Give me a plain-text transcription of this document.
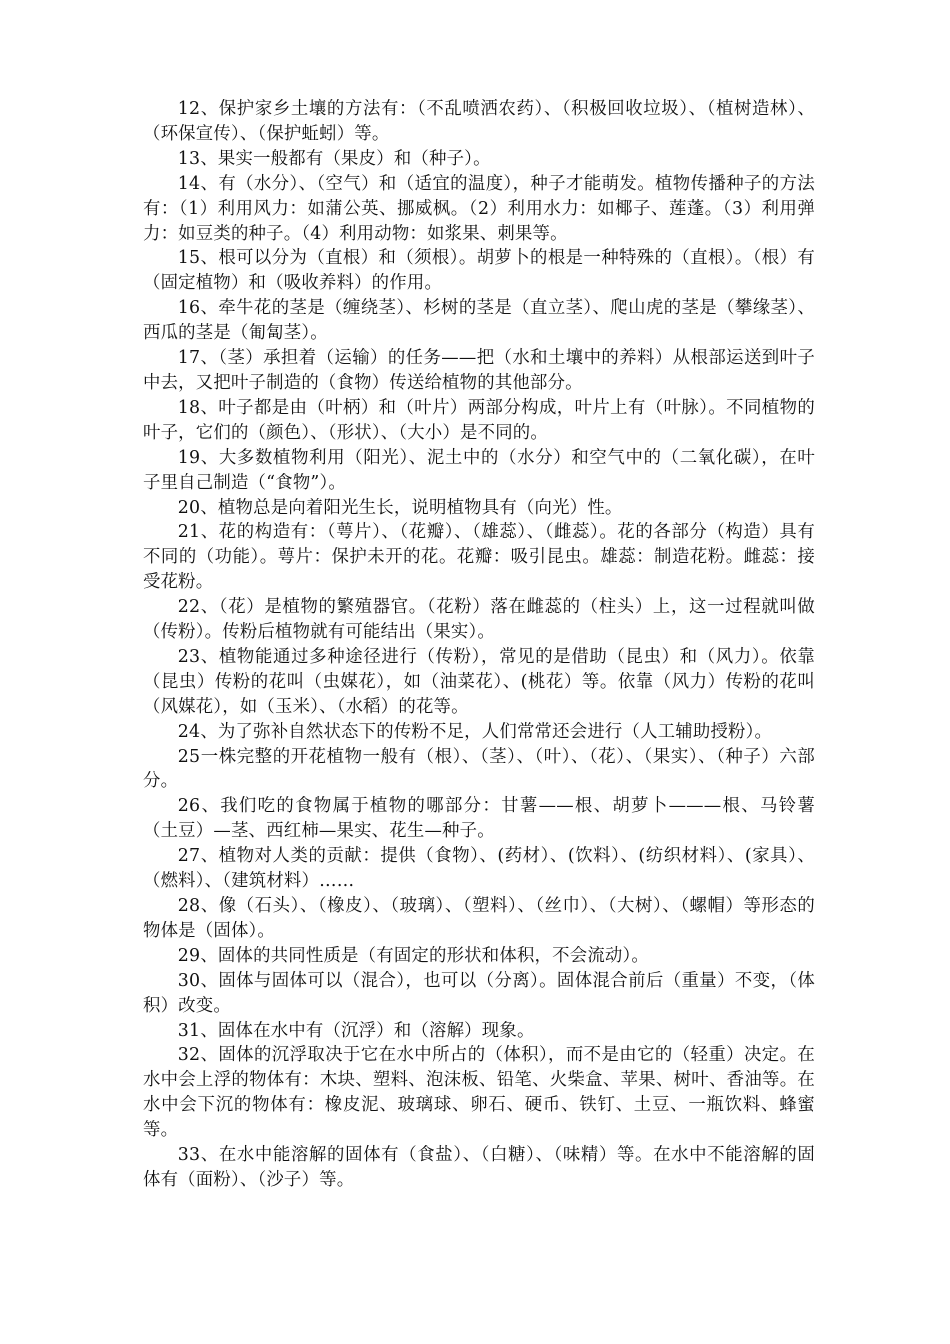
12、保护家乡土壤的方法有：（不乱喷洒农药）、（积极回收垃圾）、（植树造林）、（环保宣传）、（保护蚯蚓）等。

13、果实一般都有（果皮）和（种子）。

14、有（水分）、（空气）和（适宜的温度），种子才能萌发。植物传播种子的方法有：（1）利用风力：如蒲公英、挪威枫。（2）利用水力：如椰子、莲蓬。（3）利用弹力：如豆类的种子。（4）利用动物：如浆果、刺果等。

15、根可以分为（直根）和（须根）。胡萝卜的根是一种特殊的（直根）。（根）有（固定植物）和（吸收养料）的作用。

16、牵牛花的茎是（缠绕茎）、杉树的茎是（直立茎）、爬山虎的茎是（攀缘茎）、西瓜的茎是（匍匐茎）。

17、（茎）承担着（运输）的任务——把（水和土壤中的养料）从根部运送到叶子中去，又把叶子制造的（食物）传送给植物的其他部分。

18、叶子都是由（叶柄）和（叶片）两部分构成，叶片上有（叶脉）。不同植物的叶子，它们的（颜色）、（形状）、（大小）是不同的。

19、大多数植物利用（阳光）、泥土中的（水分）和空气中的（二氧化碳），在叶子里自己制造（“食物”）。

20、植物总是向着阳光生长，说明植物具有（向光）性。

21、花的构造有：（萼片）、（花瓣）、（雄蕊）、（雌蕊）。花的各部分（构造）具有不同的（功能）。萼片：保护未开的花。花瓣：吸引昆虫。雄蕊：制造花粉。雌蕊：接受花粉。

22、（花）是植物的繁殖器官。（花粉）落在雌蕊的（柱头）上，这一过程就叫做（传粉）。传粉后植物就有可能结出（果实）。

23、植物能通过多种途径进行（传粉），常见的是借助（昆虫）和（风力）。依靠（昆虫）传粉的花叫（虫媒花），如（油菜花）、(桃花）等。依靠（风力）传粉的花叫（风媒花），如（玉米）、（水稻）的花等。

24、为了弥补自然状态下的传粉不足，人们常常还会进行（人工辅助授粉）。

25一株完整的开花植物一般有（根）、（茎）、（叶）、（花）、（果实）、（种子）六部分。

26、我们吃的食物属于植物的哪部分：甘薯——根、胡萝卜———根、马铃薯（土豆）—茎、西红柿—果实、花生—种子。

27、植物对人类的贡献：提供（食物）、(药材）、(饮料）、(纺织材料）、(家具）、（燃料）、（建筑材料）……

28、像（石头）、（橡皮）、（玻璃）、（塑料）、（丝巾）、（大树）、（螺帽）等形态的物体是（固体）。

29、固体的共同性质是（有固定的形状和体积，不会流动）。

30、固体与固体可以（混合），也可以（分离）。固体混合前后（重量）不变，（体积）改变。

31、固体在水中有（沉浮）和（溶解）现象。

32、固体的沉浮取决于它在水中所占的（体积），而不是由它的（轻重）决定。在水中会上浮的物体有：木块、塑料、泡沫板、铅笔、火柴盒、苹果、树叶、香油等。在水中会下沉的物体有：橡皮泥、玻璃球、卵石、硬币、铁钉、土豆、一瓶饮料、蜂蜜等。

33、在水中能溶解的固体有（食盐）、（白糖）、（味精）等。在水中不能溶解的固体有（面粉）、（沙子）等。
